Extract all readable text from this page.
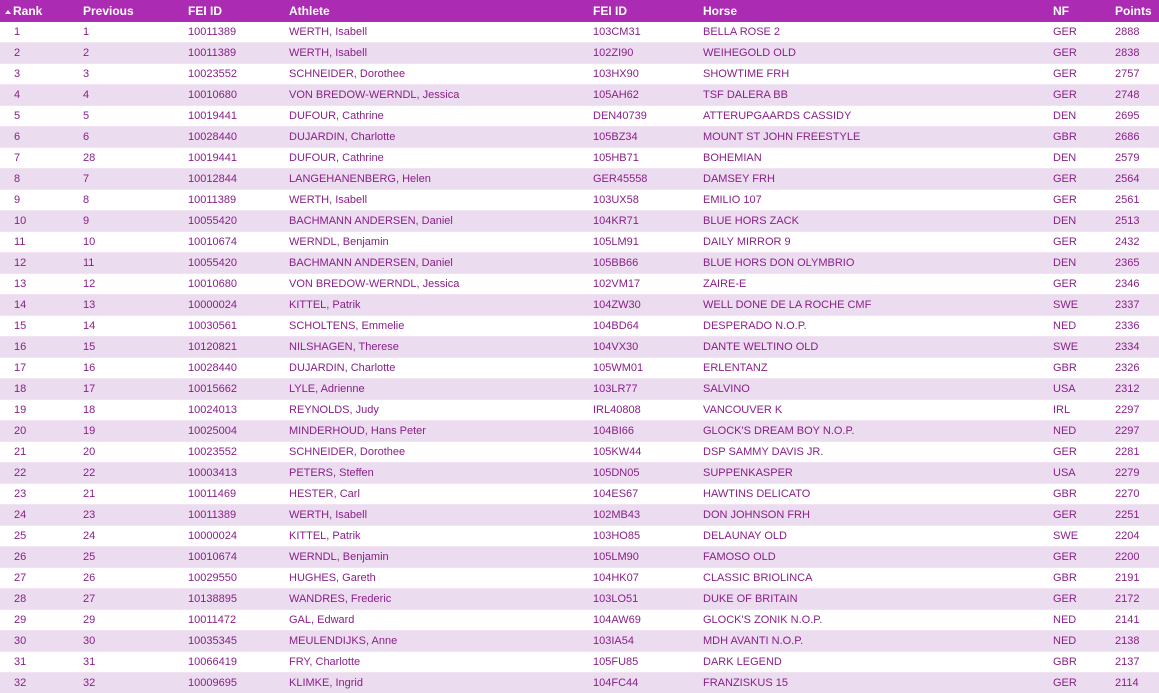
Rank	Previous	FEI ID	Athlete	FEI ID	Horse	NF	Points
1	1	10011389	WERTH, Isabell	103CM31	BELLA ROSE 2	GER	2888
2	2	10011389	WERTH, Isabell	102ZI90	WEIHEGOLD OLD	GER	2838
3	3	10023552	SCHNEIDER, Dorothee	103HX90	SHOWTIME FRH	GER	2757
4	4	10010680	VON BREDOW-WERNDL, Jessica	105AH62	TSF DALERA BB	GER	2748
5	5	10019441	DUFOUR, Cathrine	DEN40739	ATTERUPGAARDS CASSIDY	DEN	2695
6	6	10028440	DUJARDIN, Charlotte	105BZ34	MOUNT ST JOHN FREESTYLE	GBR	2686
7	28	10019441	DUFOUR, Cathrine	105HB71	BOHEMIAN	DEN	2579
8	7	10012844	LANGEHANENBERG, Helen	GER45558	DAMSEY FRH	GER	2564
9	8	10011389	WERTH, Isabell	103UX58	EMILIO 107	GER	2561
10	9	10055420	BACHMANN ANDERSEN, Daniel	104KR71	BLUE HORS ZACK	DEN	2513
11	10	10010674	WERNDL, Benjamin	105LM91	DAILY MIRROR 9	GER	2432
12	11	10055420	BACHMANN ANDERSEN, Daniel	105BB66	BLUE HORS DON OLYMBRIO	DEN	2365
13	12	10010680	VON BREDOW-WERNDL, Jessica	102VM17	ZAIRE-E	GER	2346
14	13	10000024	KITTEL, Patrik	104ZW30	WELL DONE DE LA ROCHE CMF	SWE	2337
15	14	10030561	SCHOLTENS, Emmelie	104BD64	DESPERADO N.O.P.	NED	2336
16	15	10120821	NILSHAGEN, Therese	104VX30	DANTE WELTINO OLD	SWE	2334
17	16	10028440	DUJARDIN, Charlotte	105WM01	ERLENTANZ	GBR	2326
18	17	10015662	LYLE, Adrienne	103LR77	SALVINO	USA	2312
19	18	10024013	REYNOLDS, Judy	IRL40808	VANCOUVER K	IRL	2297
20	19	10025004	MINDERHOUD, Hans Peter	104BI66	GLOCK'S DREAM BOY N.O.P.	NED	2297
21	20	10023552	SCHNEIDER, Dorothee	105KW44	DSP SAMMY DAVIS JR.	GER	2281
22	22	10003413	PETERS, Steffen	105DN05	SUPPENKASPER	USA	2279
23	21	10011469	HESTER, Carl	104ES67	HAWTINS DELICATO	GBR	2270
24	23	10011389	WERTH, Isabell	102MB43	DON JOHNSON FRH	GER	2251
25	24	10000024	KITTEL, Patrik	103HO85	DELAUNAY OLD	SWE	2204
26	25	10010674	WERNDL, Benjamin	105LM90	FAMOSO OLD	GER	2200
27	26	10029550	HUGHES, Gareth	104HK07	CLASSIC BRIOLINCA	GBR	2191
28	27	10138895	WANDRES, Frederic	103LO51	DUKE OF BRITAIN	GER	2172
29	29	10011472	GAL, Edward	104AW69	GLOCK'S ZONIK N.O.P.	NED	2141
30	30	10035345	MEULENDIJKS, Anne	103IA54	MDH AVANTI N.O.P.	NED	2138
31	31	10066419	FRY, Charlotte	105FU85	DARK LEGEND	GBR	2137
32	32	10009695	KLIMKE, Ingrid	104FC44	FRANZISKUS 15	GER	2114
